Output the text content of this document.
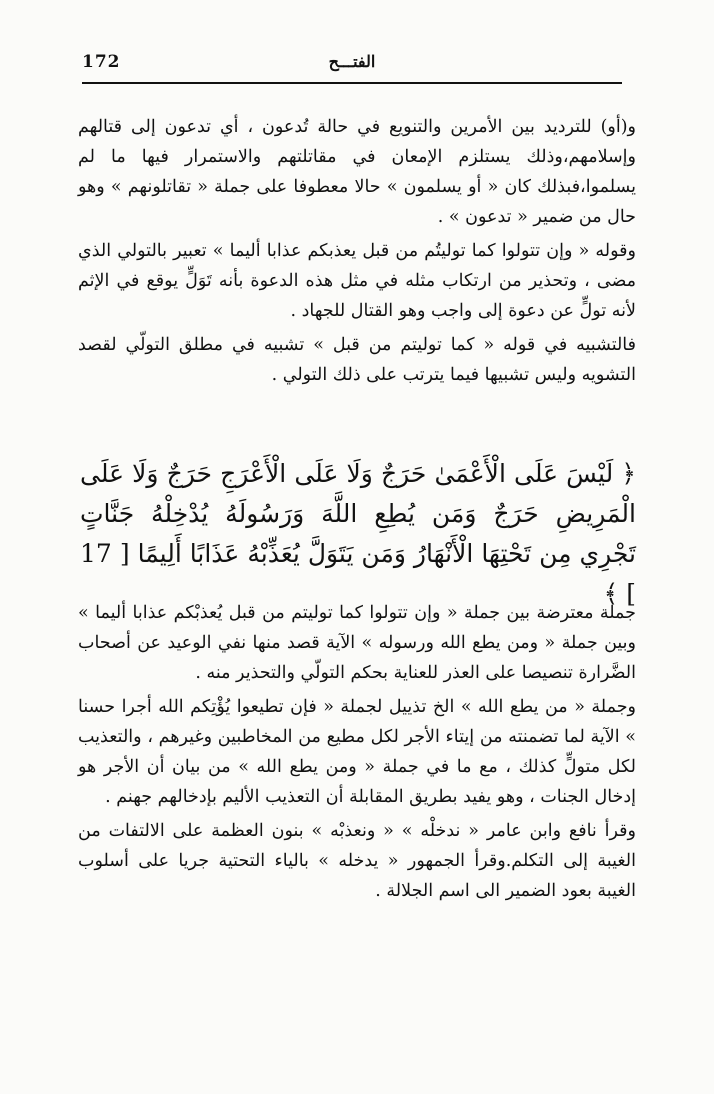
172	الفتـــح

و(أو) للترديد بين الأمرين والتنويع في حالة تُدعون ، أي تدعون إلى قتالهم وإسلامهم،وذلك يستلزم الإمعان في مقاتلتهم والاستمرار فيها ما لم يسلموا،فبذلك كان « أو يسلمون » حالا معطوفا على جملة « تقاتلونهم » وهو حال من ضمير « تدعون » .

وقوله « وإن تتولوا كما توليتُم من قبل يعذبكم عذابا أليما » تعبير بالتولي الذي مضى ، وتحذير من ارتكاب مثله في مثل هذه الدعوة بأنه تَوَلٍّ يوقع في الإثم لأنه تولٍّ عن دعوة إلى واجب وهو القتال للجهاد .

فالتشبيه في قوله « كما توليتم من قبل » تشبيه في مطلق التولّي لقصد التشويه وليس تشبيها فيما يترتب على ذلك التولي .

﴿ لَيْسَ عَلَى الْأَعْمَىٰ حَرَجٌ وَلَا عَلَى الْأَعْرَجِ حَرَجٌ وَلَا عَلَى الْمَرِيضِ حَرَجٌ وَمَن يُطِعِ اللَّهَ وَرَسُولَهُ يُدْخِلْهُ جَنَّاتٍ تَجْرِي مِن تَحْتِهَا الْأَنْهَارُ وَمَن يَتَوَلَّ يُعَذِّبْهُ عَذَابًا أَلِيمًا [ 17 ] ﴾

جملة معترضة بين جملة « وإن تتولوا كما توليتم من قبل يُعذبْكم عذابا أليما » وبين جملة « ومن يطع الله ورسوله » الآية قصد منها نفي الوعيد عن أصحاب الضَّرارة تنصيصا على العذر للعناية بحكم التولّي والتحذير منه .

وجملة « من يطع الله » الخ تذييل لجملة « فإن تطيعوا يُؤْتِكم الله أجرا حسنا » الآية لما تضمنته من إيتاء الأجر لكل مطيع من المخاطبين وغيرهم ، والتعذيب لكل متولٍّ كذلك ، مع ما في جملة « ومن يطع الله » من بيان أن الأجر هو إدخال الجنات ، وهو يفيد بطريق المقابلة أن التعذيب الأليم بإدخالهم جهنم .

وقرأ نافع وابن عامر « ندخلْه » « ونعذبْه » بنون العظمة على الالتفات من الغيبة إلى التكلم.وقرأ الجمهور « يدخله » بالياء التحتية جريا على أسلوب الغيبة بعود الضمير الى اسم الجلالة .
